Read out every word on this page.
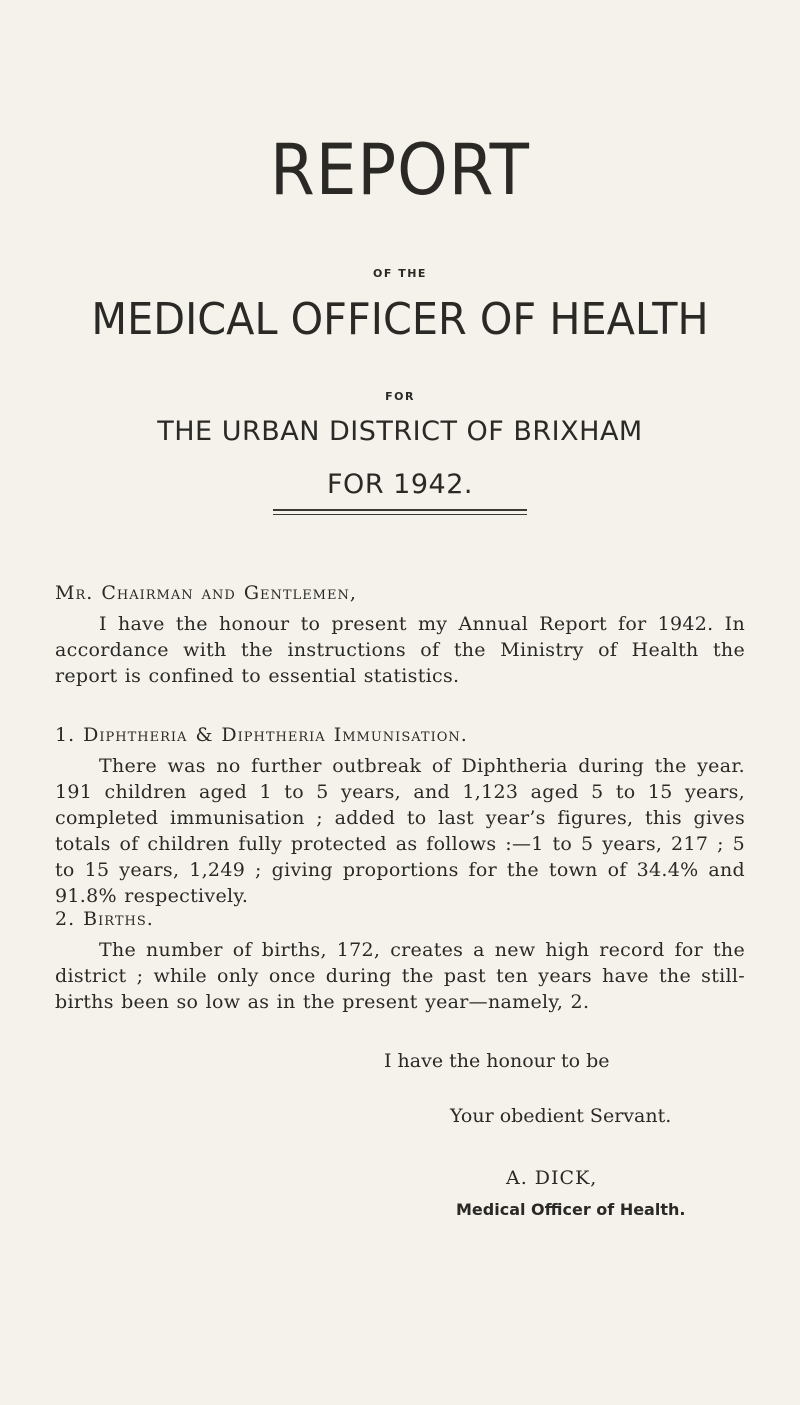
REPORT
OF THE
MEDICAL OFFICER OF HEALTH
FOR
THE URBAN DISTRICT OF BRIXHAM
FOR 1942.
Mr. Chairman and Gentlemen,
I have the honour to present my Annual Report for 1942. In accordance with the instructions of the Ministry of Health the report is confined to essential statistics.
1. Diphtheria & Diphtheria Immunisation.
There was no further outbreak of Diphtheria during the year. 191 children aged 1 to 5 years, and 1,123 aged 5 to 15 years, completed immunisation ; added to last year’s figures, this gives totals of children fully protected as follows :—1 to 5 years, 217 ; 5 to 15 years, 1,249 ; giving proportions for the town of 34.4% and 91.8% respectively.
2. Births.
The number of births, 172, creates a new high record for the district ; while only once during the past ten years have the still-births been so low as in the present year—namely, 2.
I have the honour to be
Your obedient Servant.
A. DICK,
Medical Officer of Health.
